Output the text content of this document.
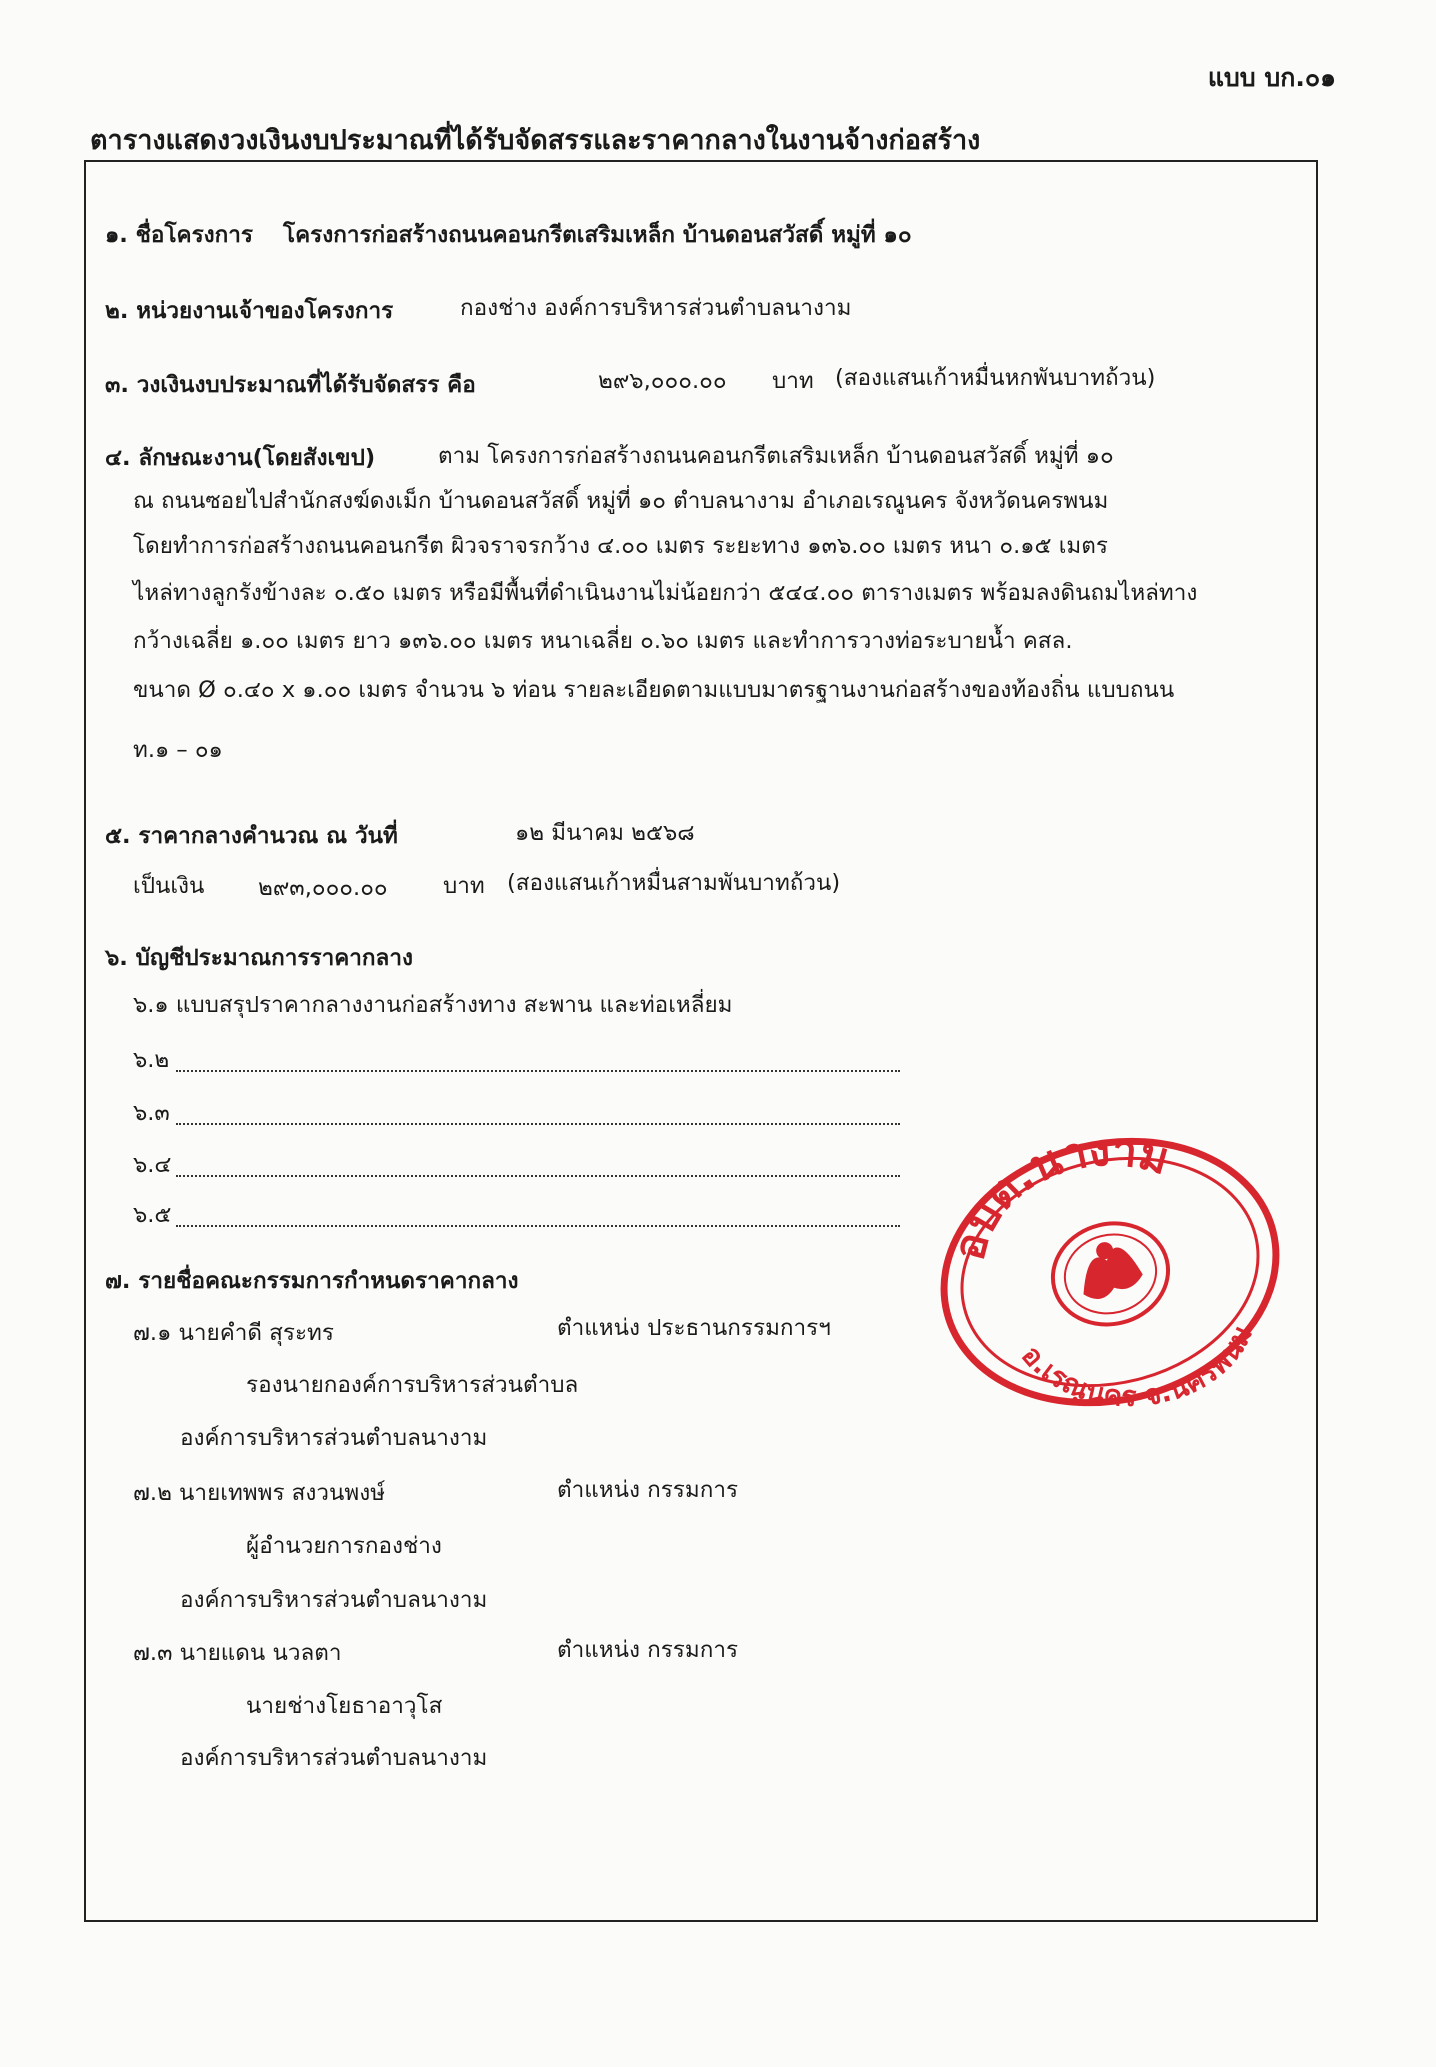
แบบ บก.๐๑
ตารางแสดงวงเงินงบประมาณที่ได้รับจัดสรรและราคากลางในงานจ้างก่อสร้าง
๑. ชื่อโครงการ โครงการก่อสร้างถนนคอนกรีตเสริมเหล็ก บ้านดอนสวัสดิ์ หมู่ที่ ๑๐
๒. หน่วยงานเจ้าของโครงการ	กองช่าง องค์การบริหารส่วนตำบลนางาม
๓. วงเงินงบประมาณที่ได้รับจัดสรร คือ	๒๙๖,๐๐๐.๐๐ บาท (สองแสนเก้าหมื่นหกพันบาทถ้วน)
๔. ลักษณะงาน(โดยสังเขป)	ตาม โครงการก่อสร้างถนนคอนกรีตเสริมเหล็ก บ้านดอนสวัสดิ์ หมู่ที่ ๑๐
ณ ถนนซอยไปสำนักสงฆ์ดงเม็ก บ้านดอนสวัสดิ์ หมู่ที่ ๑๐ ตำบลนางาม อำเภอเรณูนคร จังหวัดนครพนม
โดยทำการก่อสร้างถนนคอนกรีต ผิวจราจรกว้าง ๔.๐๐ เมตร ระยะทาง ๑๓๖.๐๐ เมตร หนา ๐.๑๕ เมตร
ไหล่ทางลูกรังข้างละ ๐.๕๐ เมตร หรือมีพื้นที่ดำเนินงานไม่น้อยกว่า ๕๔๔.๐๐ ตารางเมตร พร้อมลงดินถมไหล่ทาง
กว้างเฉลี่ย ๑.๐๐ เมตร ยาว ๑๓๖.๐๐ เมตร หนาเฉลี่ย ๐.๖๐ เมตร และทำการวางท่อระบายน้ำ คสล.
ขนาด Ø ๐.๔๐ x ๑.๐๐ เมตร จำนวน ๖ ท่อน รายละเอียดตามแบบมาตรฐานงานก่อสร้างของท้องถิ่น แบบถนน
ท.๑ – ๐๑
๕. ราคากลางคำนวณ ณ วันที่	๑๒ มีนาคม ๒๕๖๘
เป็นเงิน ๒๙๓,๐๐๐.๐๐ บาท (สองแสนเก้าหมื่นสามพันบาทถ้วน)
๖. บัญชีประมาณการราคากลาง
๖.๑ แบบสรุปราคากลางงานก่อสร้างทาง สะพาน และท่อเหลี่ยม
๖.๒
๖.๓
๖.๔
๖.๕
๗. รายชื่อคณะกรรมการกำหนดราคากลาง
๗.๑ นายคำดี สุระทร	ตำแหน่ง ประธานกรรมการฯ
รองนายกองค์การบริหารส่วนตำบล
องค์การบริหารส่วนตำบลนางาม
๗.๒ นายเทพพร สงวนพงษ์	ตำแหน่ง กรรมการ
ผู้อำนวยการกองช่าง
องค์การบริหารส่วนตำบลนางาม
๗.๓ นายแดน นวลตา	ตำแหน่ง กรรมการ
นายช่างโยธาอาวุโส
องค์การบริหารส่วนตำบลนางาม
อบต.นางาม
อ.เรณูนคร จ.นครพนม
